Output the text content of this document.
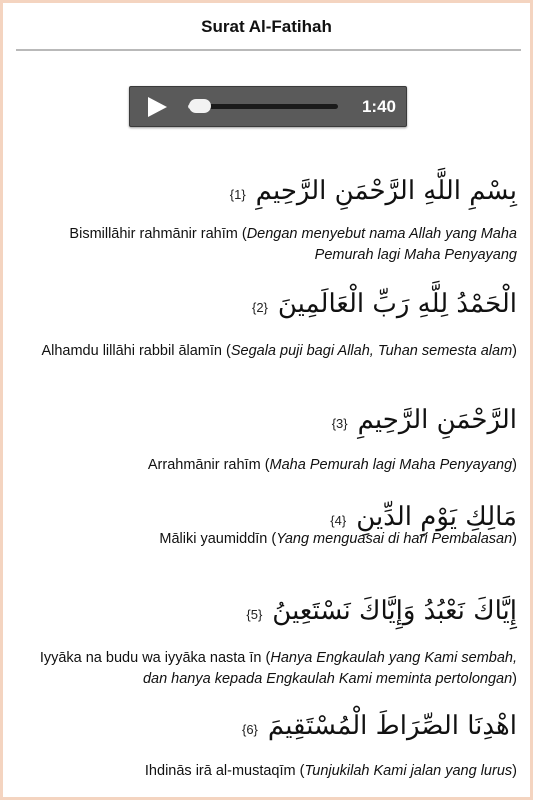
Surat Al-Fatihah
1:40
بِسْمِ اللَّهِ الرَّحْمَنِ الرَّحِيمِ {1}
Bismillāhir rahmānir rahīm (Dengan menyebut nama Allah yang Maha Pemurah lagi Maha Penyayang
الْحَمْدُ لِلَّهِ رَبِّ الْعَالَمِينَ {2}
Alhamdu lillāhi rabbil ālamīn (Segala puji bagi Allah, Tuhan semesta alam)
الرَّحْمَنِ الرَّحِيمِ {3}
Arrahmānir rahīm (Maha Pemurah lagi Maha Penyayang)
مَالِكِ يَوْمِ الدِّينِ {4}
Māliki yaumiddīn (Yang menguasai di hari Pembalasan)
إِيَّاكَ نَعْبُدُ وَإِيَّاكَ نَسْتَعِينُ {5}
Iyyāka na budu wa iyyāka nasta īn (Hanya Engkaulah yang Kami sembah, dan hanya kepada Engkaulah Kami meminta pertolongan)
اهْدِنَا الصِّرَاطَ الْمُسْتَقِيمَ {6}
Ihdinās irā al-mustaqīm (Tunjukilah Kami jalan yang lurus)
